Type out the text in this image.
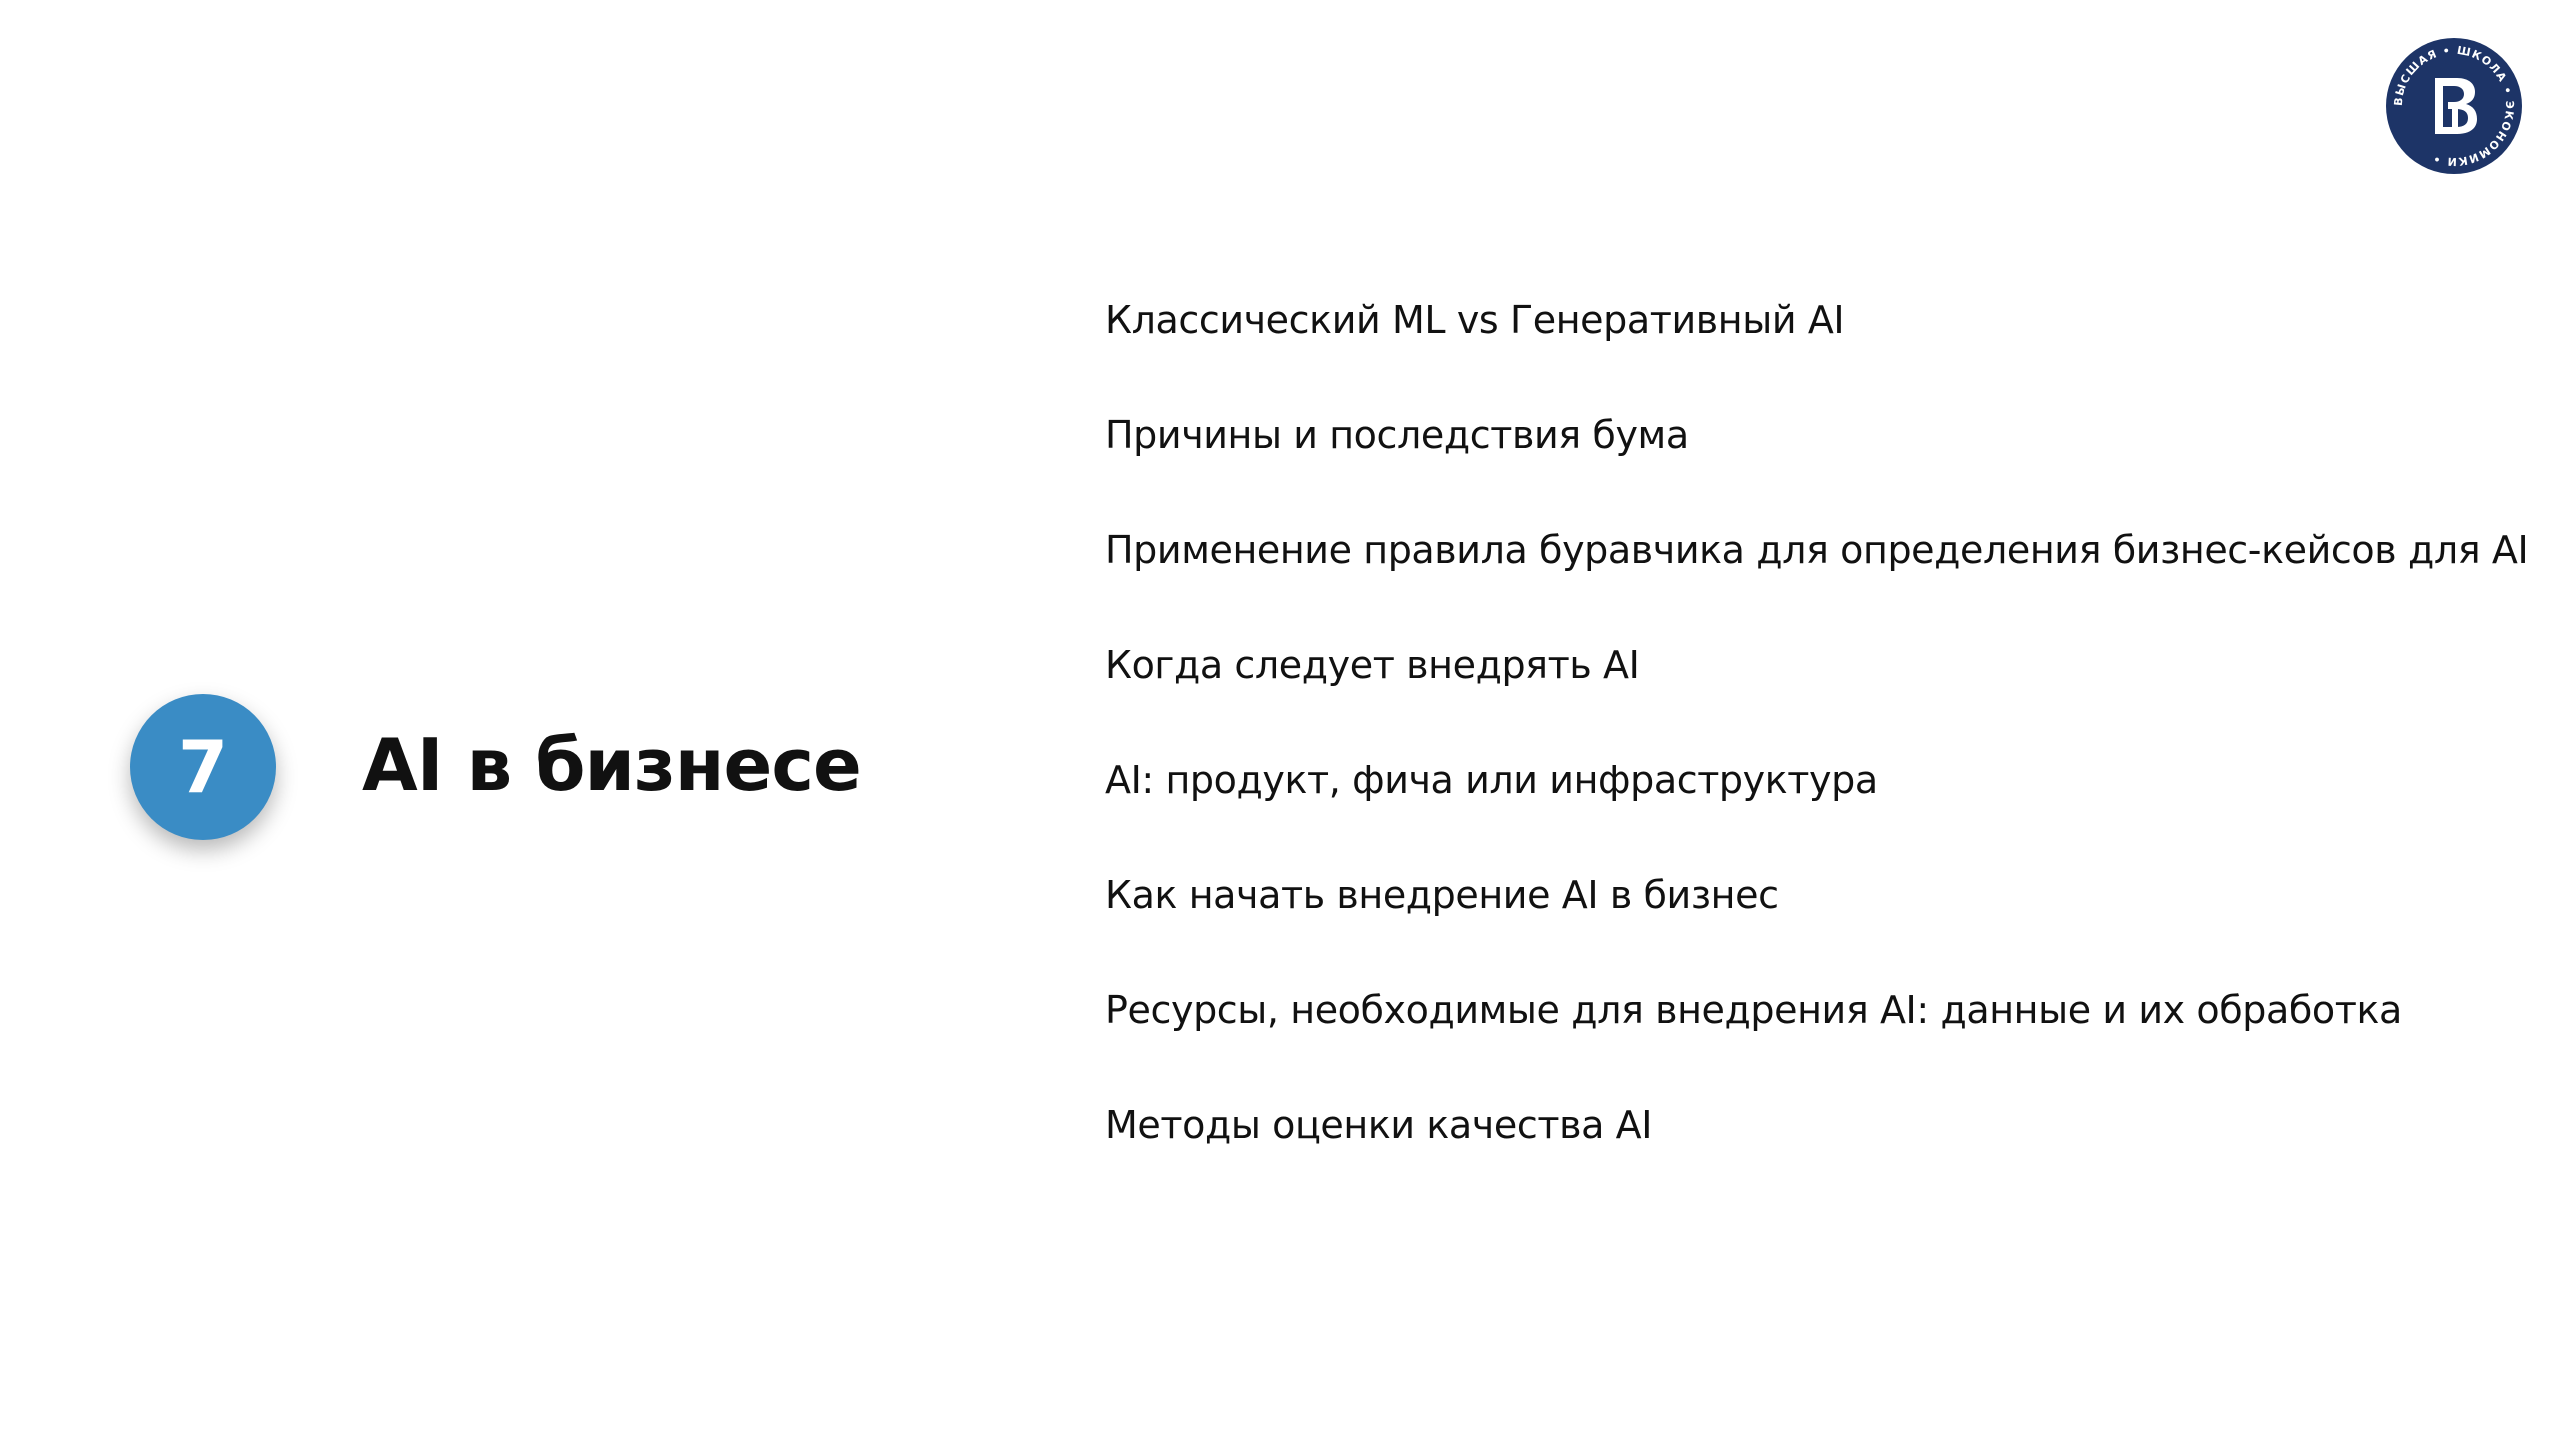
ВЫСШАЯ • ШКОЛА • ЭКОНОМИКИ •
7	AI в бизнесе
Классический ML vs Генеративный AI
Причины и последствия бума
Применение правила буравчика для определения бизнес-кейсов для AI
Когда следует внедрять AI
AI: продукт, фича или инфраструктура
Как начать внедрение AI в бизнес
Ресурсы, необходимые для внедрения AI: данные и их обработка
Методы оценки качества AI
